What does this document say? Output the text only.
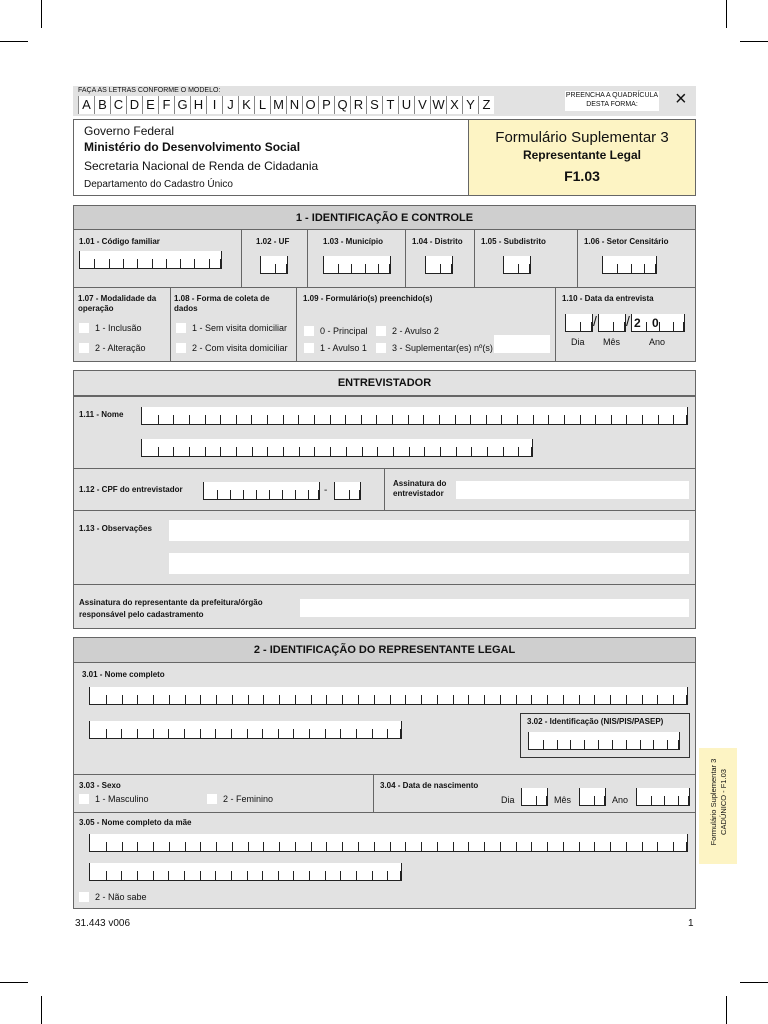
FAÇA AS LETRAS CONFORME O MODELO:
A B C D E F G H I J K L M N O P Q R S T U V W X Y Z
PREENCHA A QUADRÍCULA
DESTA FORMA:	×
Governo Federal
Ministério do Desenvolvimento Social
Secretaria Nacional de Renda de Cidadania
Departamento do Cadastro Único
Formulário Suplementar 3
Representante Legal
F1.03
1 - IDENTIFICAÇÃO E CONTROLE
1.01 - Código familiar	1.02 - UF	1.03 - Município	1.04 - Distrito 1.05 - Subdistrito	1.06 - Setor Censitário
1.07 - Modalidade da operação
1 - Inclusão
2 - Alteração
1.08 - Forma de coleta de dados
1 - Sem visita domiciliar
2 - Com visita domiciliar
1.09 - Formulário(s) preenchido(s)
0 - Principal
1 - Avulso 1
2 - Avulso 2
3 - Suplementar(es) nº(s)
1.10 - Data da entrevista
/ / 2 0
Dia Mês	Ano
ENTREVISTADOR
1.11 - Nome
1.12 - CPF do entrevistador	-
Assinatura do entrevistador
1.13 - Observações
Assinatura do representante da prefeitura/órgão responsável pelo cadastramento
2 - IDENTIFICAÇÃO DO REPRESENTANTE LEGAL
3.01 - Nome completo
3.02 - Identificação (NIS/PIS/PASEP)
3.03 - Sexo
1 - Masculino	2 - Feminino
3.04 - Data de nascimento
Dia	Mês	Ano
3.05 - Nome completo da mãe
2 - Não sabe
Formulário Suplementar 3 CADÚNICO - F1.03
31.443 v006	1
